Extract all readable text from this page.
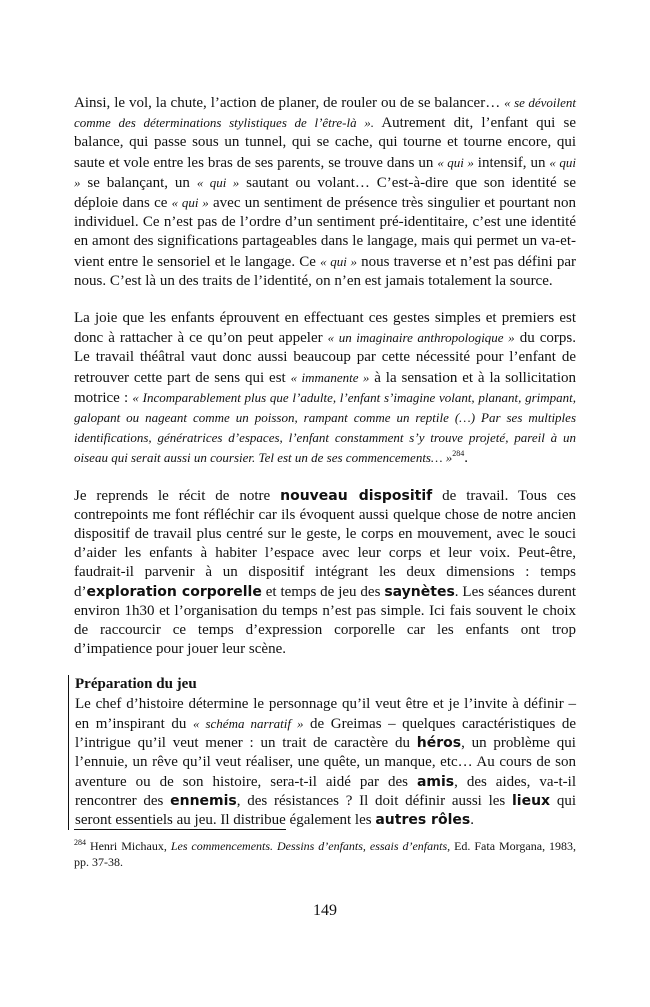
Ainsi, le vol, la chute, l’action de planer, de rouler ou de se balancer… « se dévoilent comme des déterminations stylistiques de l’être-là ». Autrement dit, l’enfant qui se balance, qui passe sous un tunnel, qui se cache, qui tourne et tourne encore, qui saute et vole entre les bras de ses parents, se trouve dans un « qui » intensif, un « qui » se balançant, un « qui » sautant ou volant… C’est-à-dire que son identité se déploie dans ce « qui » avec un sentiment de présence très singulier et pourtant non individuel. Ce n’est pas de l’ordre d’un sentiment pré-identitaire, c’est une identité en amont des significations partageables dans le langage, mais qui permet un va-et-vient entre le sensoriel et le langage. Ce « qui » nous traverse et n’est pas défini par nous. C’est là un des traits de l’identité, on n’en est jamais totalement la source.

La joie que les enfants éprouvent en effectuant ces gestes simples et premiers est donc à rattacher à ce qu’on peut appeler « un imaginaire anthropologique » du corps. Le travail théâtral vaut donc aussi beaucoup par cette nécessité pour l’enfant de retrouver cette part de sens qui est « immanente » à la sensation et à la sollicitation motrice : « Incomparablement plus que l’adulte, l’enfant s’imagine volant, planant, grimpant, galopant ou nageant comme un poisson, rampant comme un reptile (…) Par ses multiples identifications, génératrices d’espaces, l’enfant constamment s’y trouve projeté, pareil à un oiseau qui serait aussi un coursier. Tel est un de ses commencements… »$^{284}$.

Je reprends le récit de notre nouveau dispositif de travail. Tous ces contrepoints me font réfléchir car ils évoquent aussi quelque chose de notre ancien dispositif de travail plus centré sur le geste, le corps en mouvement, avec le souci d’aider les enfants à habiter l’espace avec leur corps et leur voix. Peut-être, faudrait-il parvenir à un dispositif intégrant les deux dimensions : temps d’exploration corporelle et temps de jeu des saynètes. Les séances durent environ 1h30 et l’organisation du temps n’est pas simple. Ici fais souvent le choix de raccourcir ce temps d’expression corporelle car les enfants ont trop d’impatience pour jouer leur scène.

Préparation du jeu

Le chef d’histoire détermine le personnage qu’il veut être et je l’invite à définir – en m’inspirant du « schéma narratif » de Greimas – quelques caractéristiques de l’intrigue qu’il veut mener : un trait de caractère du héros, un problème qui l’ennuie, un rêve qu’il veut réaliser, une quête, un manque, etc… Au cours de son aventure ou de son histoire, sera-t-il aidé par des amis, des aides, va-t-il rencontrer des ennemis, des résistances ? Il doit définir aussi les lieux qui seront essentiels au jeu. Il distribue également les autres rôles.

$^{284}$ Henri Michaux, Les commencements. Dessins d’enfants, essais d’enfants, Ed. Fata Morgana, 1983, pp. 37-38.
149
